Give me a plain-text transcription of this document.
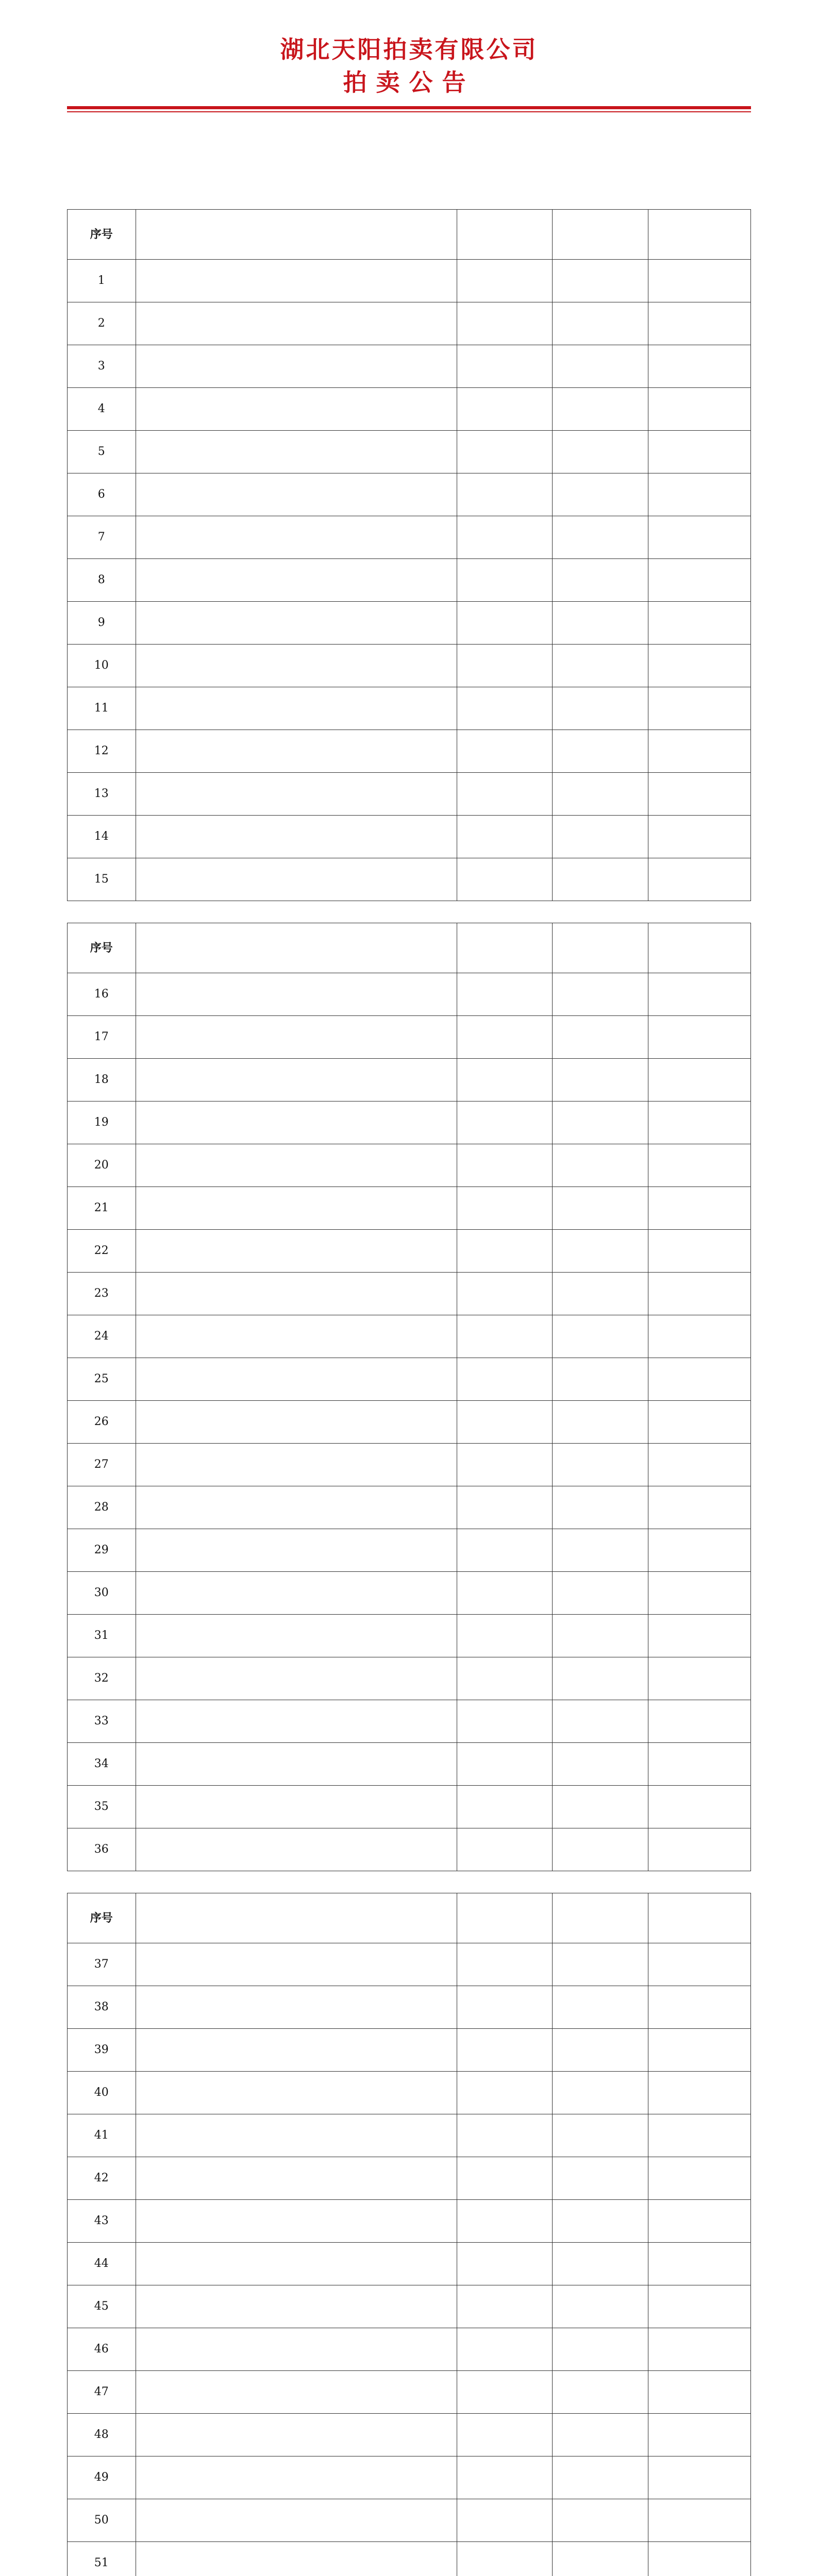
湖北天阳拍卖有限公司
拍卖公告

序号				
1				
2				
3				
4				
5				
6				
7				
8				
9				
10				
11				
12				
13				
14				
15				
序号				
16				
17				
18				
19				
20				
21				
22				
23				
24				
25				
26				
27				
28				
29				
30				
31				
32				
33				
34				
35				
36				
序号				
37				
38				
39				
40				
41				
42				
43				
44				
45				
46				
47				
48				
49				
50				
51				
